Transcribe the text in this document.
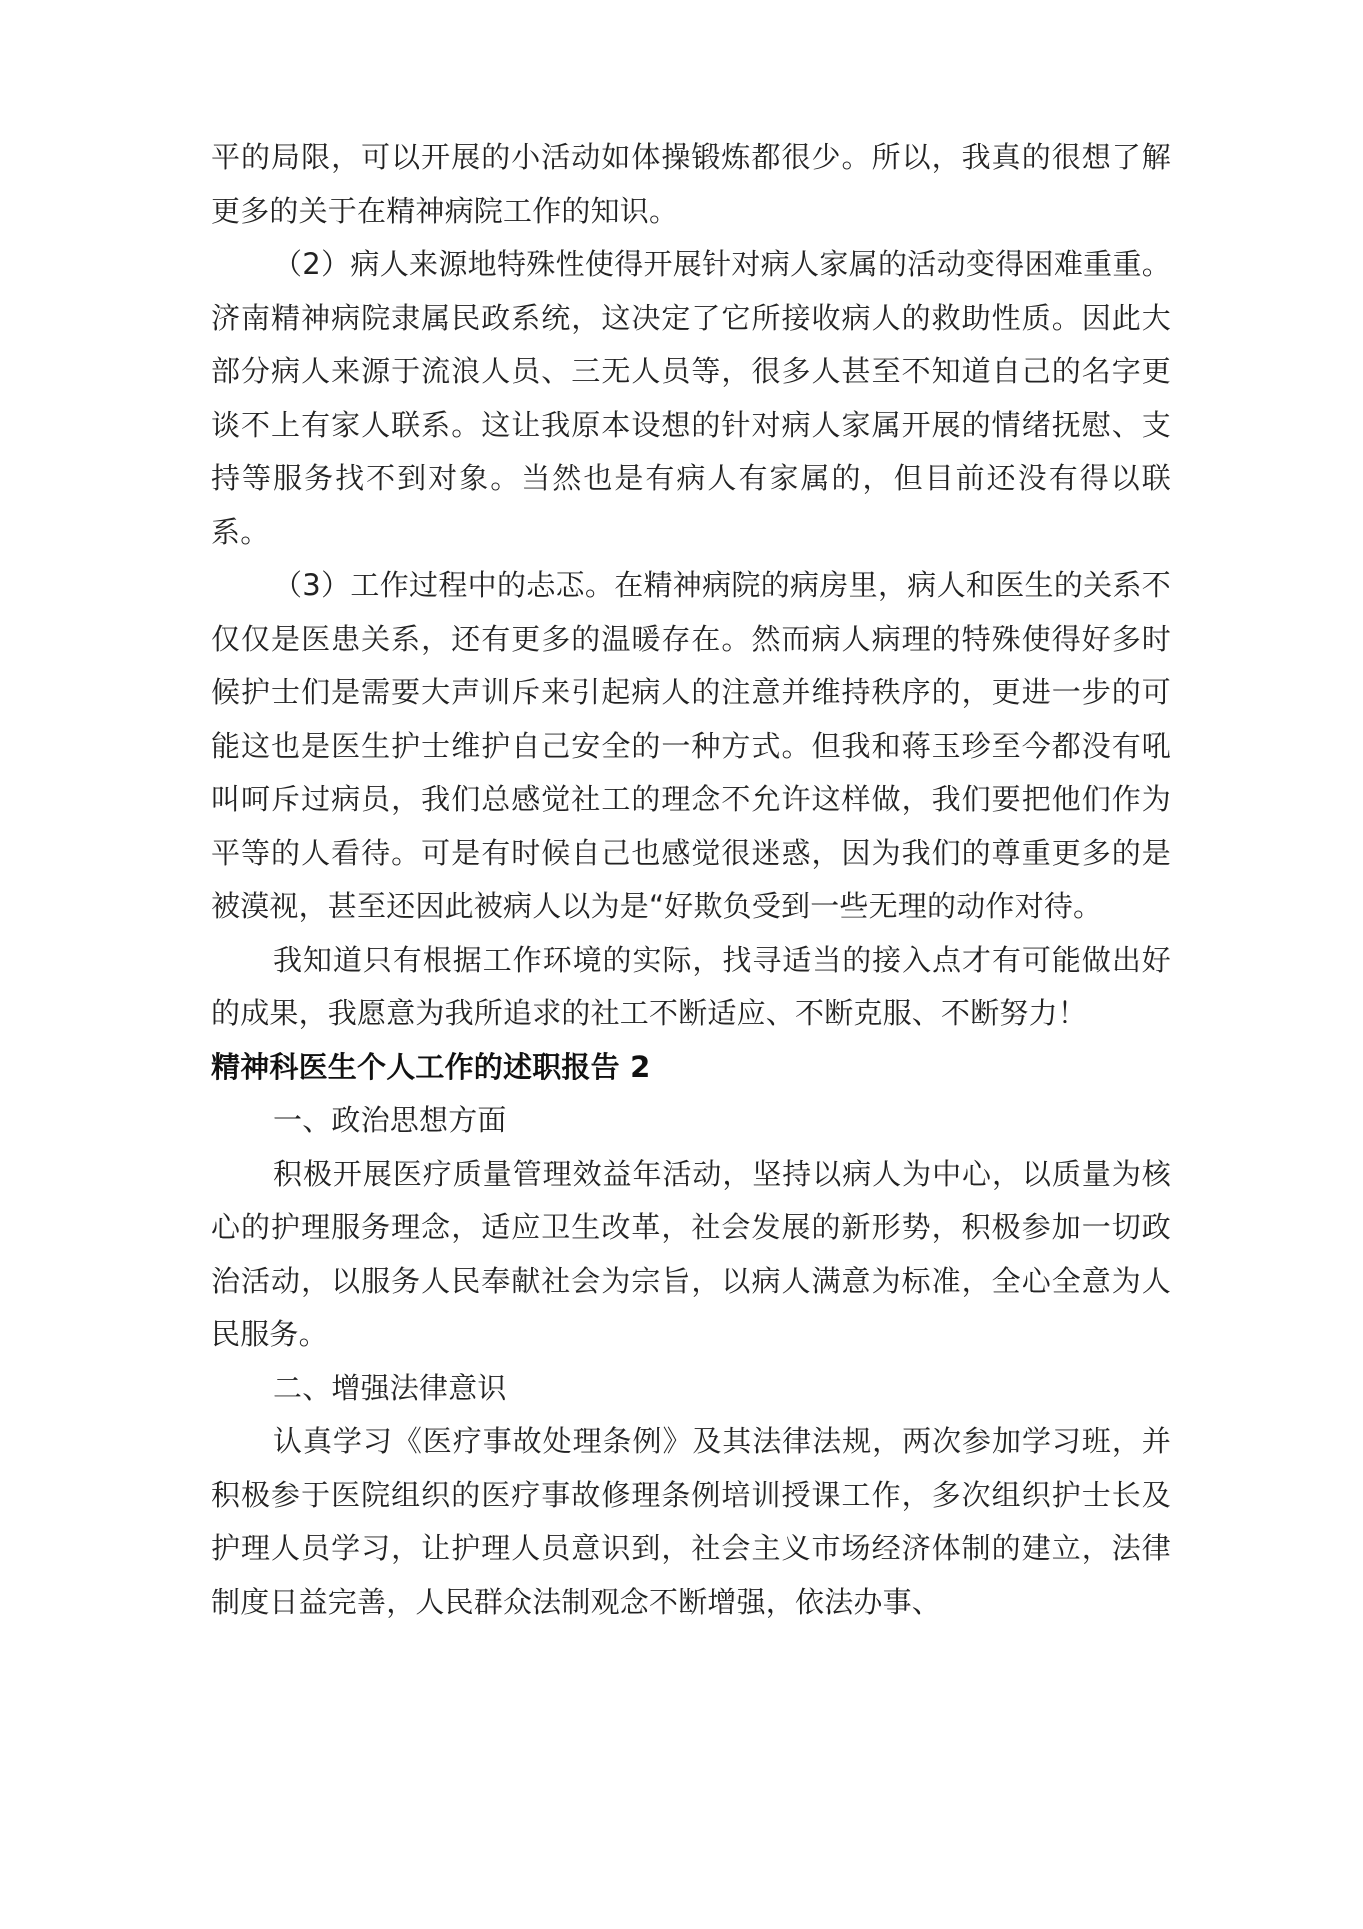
平的局限，可以开展的小活动如体操锻炼都很少。所以，我真的很想了解更多的关于在精神病院工作的知识。

（2）病人来源地特殊性使得开展针对病人家属的活动变得困难重重。济南精神病院隶属民政系统，这决定了它所接收病人的救助性质。因此大部分病人来源于流浪人员、三无人员等，很多人甚至不知道自己的名字更谈不上有家人联系。这让我原本设想的针对病人家属开展的情绪抚慰、支持等服务找不到对象。当然也是有病人有家属的，但目前还没有得以联系。

（3）工作过程中的忐忑。在精神病院的病房里，病人和医生的关系不仅仅是医患关系，还有更多的温暖存在。然而病人病理的特殊使得好多时候护士们是需要大声训斥来引起病人的注意并维持秩序的，更进一步的可能这也是医生护士维护自己安全的一种方式。但我和蒋玉珍至今都没有吼叫呵斥过病员，我们总感觉社工的理念不允许这样做，我们要把他们作为平等的人看待。可是有时候自己也感觉很迷惑，因为我们的尊重更多的是被漠视，甚至还因此被病人以为是“好欺负受到一些无理的动作对待。

我知道只有根据工作环境的实际，找寻适当的接入点才有可能做出好的成果，我愿意为我所追求的社工不断适应、不断克服、不断努力！

精神科医生个人工作的述职报告 2

一、政治思想方面

积极开展医疗质量管理效益年活动，坚持以病人为中心，以质量为核心的护理服务理念，适应卫生改革，社会发展的新形势，积极参加一切政治活动，以服务人民奉献社会为宗旨，以病人满意为标准，全心全意为人民服务。

二、增强法律意识

认真学习《医疗事故处理条例》及其法律法规，两次参加学习班，并积极参于医院组织的医疗事故修理条例培训授课工作，多次组织护士长及护理人员学习，让护理人员意识到，社会主义市场经济体制的建立，法律制度日益完善，人民群众法制观念不断增强，依法办事、
